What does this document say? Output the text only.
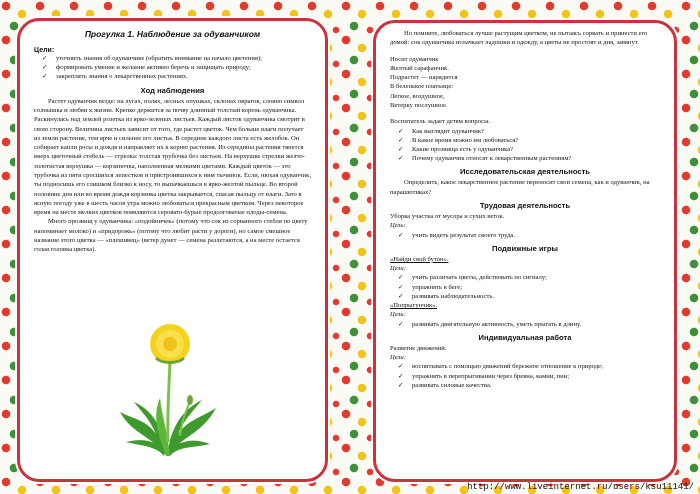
Прогулка 1. Наблюдение за одуванчиком
Цели:
✓ уточнить знания об одуванчике (обратить внимание на начало цветения);
✓ формировать умение и желание активно беречь и защищать природу;
✓ закреплять знания о лекарственных растениях.
Ход наблюдения

Растет одуванчик везде: на лугах, полях, лесных опушках, склонах оврагов, словно символ солнышка и любви к жизни. Крепко держится за почву длинный толстый корень одуванчика. Раскинулась над землей розетка из ярко-зеленых листьев. Каждый листок одуванчика смотрит в свою сторону. Величина листьев зависит от того, где растет цветок. Чем больше влаги получает из земли растение, тем ярче и сильнее его листья. В середине каждого листа есть желобок. Он собирает капли росы и дождя и направляет их к корню растения. Из середины растения тянется вверх цветочный стебель — стрелка: толстая трубочка без листьев. На верхушке стрелки желто-золотистая верхушка — корзиночка, наполненная мелкими цветами. Каждый цветок — это трубочка из пяти сросшихся лепестков и пристроившихся к ним тычинок. Если, нюхая одуванчик, ты подносишь его слишком близко к носу, то выпачкаешься в ярко-желтой пыльце. Во второй половине дня или во время дождя корзинка цветка закрывается, спасая пыльцу от влаги. Зато в ясную погоду уже в шесть часов утра можно любоваться прекрасным цветком. Через некоторое время на месте мелких цветков появляются серовато-бурые продолговатые плоды-семена.

Много прозвищ у одуванчика: «подойничек» (потому что сок из сорванного стебля по цвету напоминает молоко) и «придорожь» (потому что любит расти у дороги), но самое смешное название этого цветка — «плешивец» (ветер дунет — семена разлетаются, а на месте остается голая головка цветка).

Но помните, любоваться лучше растущим цветком, не пытаясь сорвать и принести его домой: сок одуванчика испачкает ладошки и одежду, а цветы не простоят и дня, завянут.

Носит одуванчик

Желтый сарафанчик.

Подрастет — нарядится

В беленькое платьице:

Легкое, воздушное,

Ветерку послушное.

Воспитатель задает детям вопросы.

✓ Как выглядит одуванчик?
✓ В какое время можно им любоваться?
✓ Какие прозвища есть у одуванчика?
✓ Почему одуванчик относят к лекарственным растениям?
Исследовательская деятельность

Определить, какое лекарственное растение переносит свои семена, как и одуванчик, на парашютиках?

Трудовая деятельность

Уборка участка от мусора и сухих веток.

Цель:

✓ учить видеть результат своего труда.
Подвижные игры

«Найди свой бутон».

Цели:

✓ учить различать цветы, действовать по сигналу;
✓ упражнять в беге;
✓ развивать наблюдательность.

«Попрыгунчик».

Цель:

✓ развивать двигательную активность, уметь прыгать в длину.
Индивидуальная работа

Развитие движений.

Цели:

✓ воспитывать с помощью движений бережное отношение к природе;
✓ упражнять в перепрыгивании через бревна, камни, пни;
✓ развивать силовые качества.
http://www.liveinternet.ru/users/ksu11141/
